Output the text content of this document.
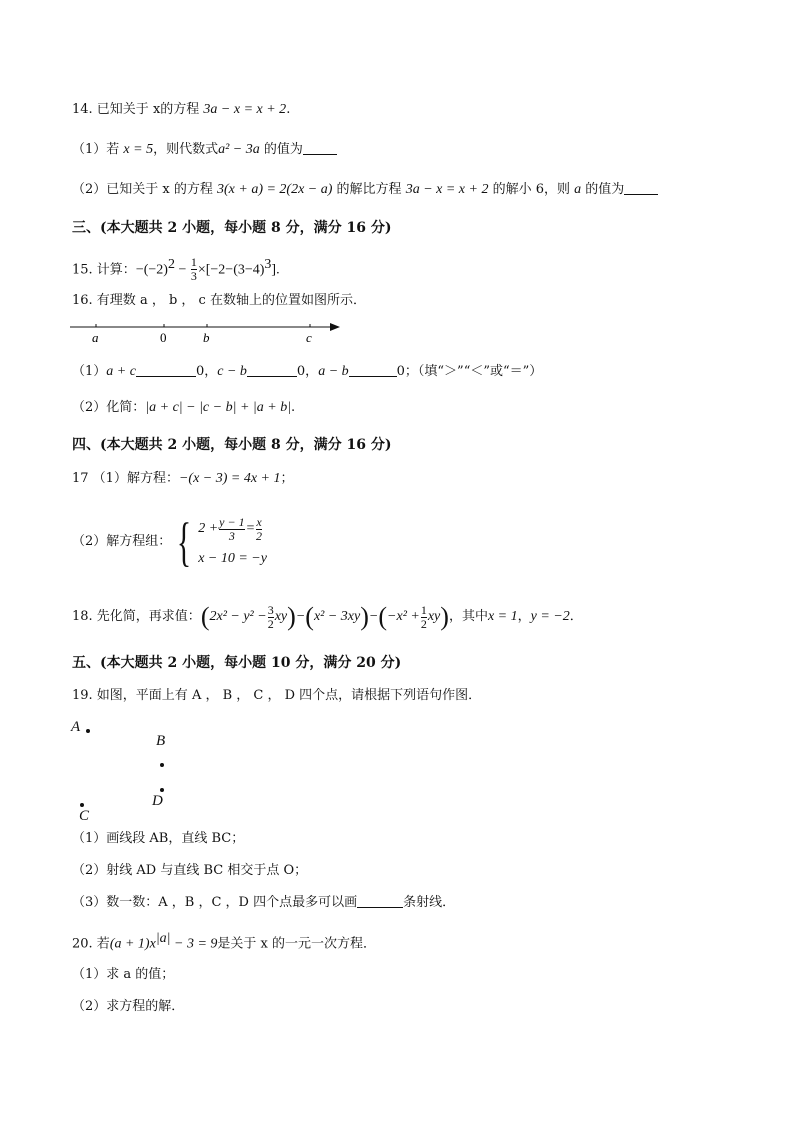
14. 已知关于 x的方程 3a − x = x + 2.
（1）若 x = 5，则代数式a² − 3a 的值为
（2）已知关于 x 的方程 3(x + a) = 2(2x − a) 的解比方程 3a − x = x + 2 的解小 6，则 a 的值为
三、(本大题共 2 小题，每小题 8 分，满分 16 分)
15. 计算：$-(-2)^2 - \frac{1}{3} \times[-2-(3-4)^3]$.
16. 有理数 a ， b ， c 在数轴上的位置如图所示．
a	0	b	c
（1）a + c	0，c − b	0，a − b	0；（填“＞”“＜”或“＝”）
（2）化简：|a + c| − |c − b| + |a + b|.
四、(本大题共 2 小题，每小题 8 分，满分 16 分)
17 （1）解方程：−(x − 3) = 4x + 1；
（2）解方程组： { $2 + \frac{y - 1}{3} = \frac{x}{2}$
x − 10 = −y
18. 先化简，再求值： ( $2x^2 - y^2 - \frac{3}{2}$ xy ) − ( x² − 3xy ) − ( $-x^2 + \frac{1}{2}$ xy ) ，其中 x = 1 ， y = −2 ．
五、(本大题共 2 小题，每小题 10 分，满分 20 分)
19. 如图，平面上有 A ， B ， C ， D 四个点，请根据下列语句作图．
A
B
C
D
（1）画线段 AB，直线 BC；
（2）射线 AD 与直线 BC 相交于点 O；
（3）数一数：A ，B ，C ，D 四个点最多可以画	条射线．
20. 若$(a + 1)x^{|a|} - 3 = 9$是关于 x 的一元一次方程．
（1）求 a 的值；
（2）求方程的解．
